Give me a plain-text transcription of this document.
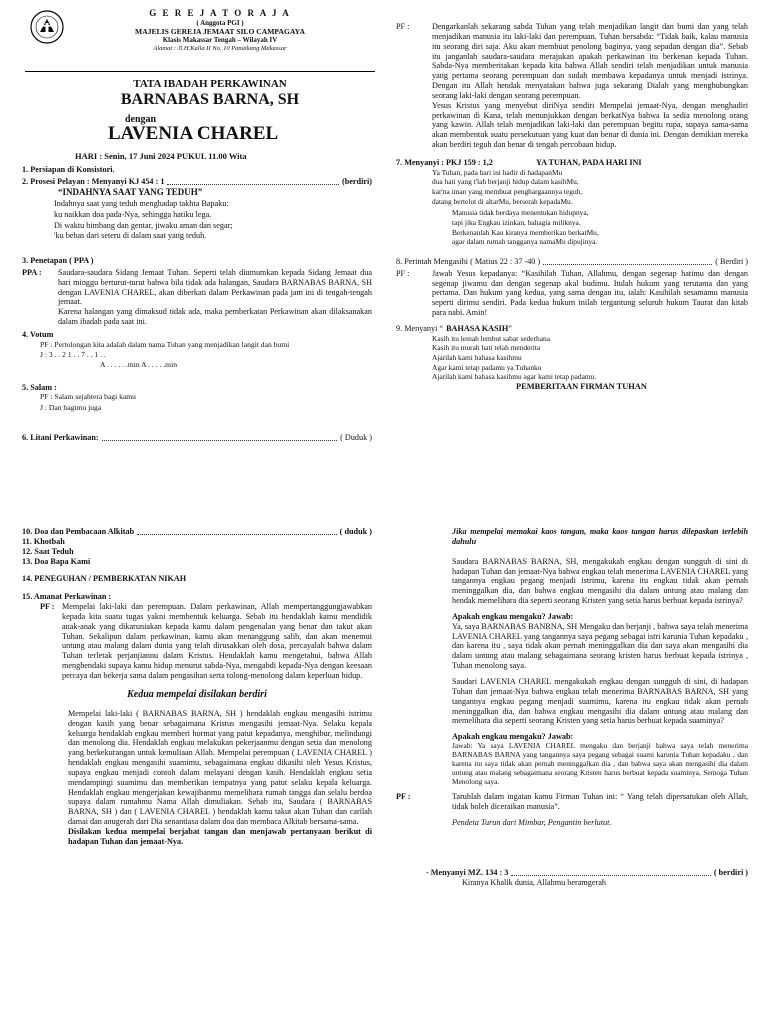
G E R E J A T O R A J A
( Anggota PGI )
MAJELIS GEREJA JEMAAT SILO CAMPAGAYA
Klasis Makassar Tengah – Wilayah IV
Alamat : Jl.H.Kalla II No. 10 Panaikang Makassar
TATA IBADAH PERKAWINAN
BARNABAS BARNA, SH
dengan
LAVENIA CHAREL
HARI : Senin, 17 Juni 2024 PUKUL 11.00 Wita
1. Persiapan di Konsistori.
2. Prosesi Pelayan : Menyanyi KJ 454 : 1	(berdiri)
“INDAHNYA SAAT YANG TEDUH”
Indahnya saat yang teduh menghadap takhta Bapaku:
ku naikkan doa pada-Nya, sehingga hatiku lega.
Di waktu bimbang dan gentar, jiwaku aman dan segar;
'ku bebas dari seteru di dalam saat yang teduh.
3. Penetapan ( PPA )
PPA :	Saudara-saudara Sidang Jemaat Tuhan. Seperti telah diumumkan kepada Sidang Jemaat dua hari minggu berturut-turut bahwa bila tidak ada halangan, Saudara BARNABAS BARNA, SH dengan LAVENIA CHAREL, akan diberkati dalam Perkawinan pada jam ini di tengah-tengah jemaat.

Karena halangan yang dimaksud tidak ada, maka pemberkatan Perkawinan akan dilaksanakan dalam ibadah pada saat ini.

4. Votum
PF : Pertolongan kita adalah dalam nama Tuhan yang menjadikan langit dan bumi
J : 3 . . 2 1 . . 7 . . 1 . .
A . . . . . .min A . . . . .min
5. Salam :
PF : Salam sejahtera bagi kamu
J : Dan bagimu juga
6. Litani Perkawinan:	( Duduk )
PF :	Dengarkanlah sekarang sabda Tuhan yang telah menjadikan langit dan bumi dan yang telah menjadikan manusia itu laki-laki dan perempuan. Tuhan bersabda: “Tidak baik, kalau manusia itu seorang diri saja. Aku akan membuat penolong baginya, yang sepadan dengan dia”. Sebab itu janganlah saudara-saudara merajukan apakah perkawinan itu berkenan kepada Tuhan. Sabda-Nya memberitakan kepada kita bahwa Allah sendiri telah menjadikan untuk manusia yang pertama seorang perempuan dan sudah membawa kepadanya untuk menjadi istrinya. Dengan itu Allah hendak menyatakan bahwa juga sekarang Dialah yang menghubungkan seorang laki-laki dengan seorang perempuan.

Yesus Kristus yang menyebut diriNya sendiri Mempelai jemaat-Nya, dengan menghadiri perkawinan di Kana, telah menunjukkan dengan berkatNya bahwa Ia sedia menolong orang yang kawin. Allah telah menjadikan laki-laki dan perempuan begitu rupa, supaya sama-sama akan membentuk suatu persekutuan yang kuat dan benar di dunia ini. Dengan demikian mereka akan berdiri teguh dan benar di tengah percobaan hidup.

7. Menyanyi : PKJ 159 : 1,2	YA TUHAN, PADA HARI INI
Ya Tuhan, pada hari ini hadir di hadapanMu
dua hati yang t'lah berjanji hidup dalam kasihMu,
kar'na iman yang membuat penghargaannya teguh,
datang bertelut di altarMu, berserah kepadaMu.
Manusia tidak berdaya menentukan hidupnya,
tapi jika Engkau izinkan, bahagia miliknya.
Berkenanlah Kau kiranya memberikan berkatMu,
agar dalam rumah tangganya namaMu dipujinya.
8. Perintah Mengasihi ( Matius 22 : 37 -40 )	( Berdiri )
PF :	Jawab Yesus kepadanya: “Kasihilah Tuhan, Allahmu, dengan segenap hatimu dan dengan segenap jiwamu dan dengan segenap akal budimu. Itulah hukum yang terutama dan yang pertama. Dan hukum yang kedua, yang sama dengan itu, ialah: Kasihilah sesamamu manusia seperti dirimu sendiri. Pada kedua hukum inilah tergantung seluruh hukum Taurat dan kitab para nabi. Amin!

9. Menyanyi “ BAHASA KASIH ”
Kasih itu lemah lembut sabar sederhana
Kasih itu murah hati telah menderita
Ajarilah kami bahasa kasihmu
Agar kami tetap padamu ya Tuhanku
Ajarilah kami bahasa kasihmu agar kami tetap padamu.
PEMBERITAAN FIRMAN TUHAN
10. Doa dan Pembacaan Alkitab	( duduk )
11. Khotbah
12. Saat Teduh
13. Doa Bapa Kami
14. PENEGUHAN / PEMBERKATAN NIKAH
15. Amanat Perkawinan :
PF : Mempelai laki-laki dan perempuan. Dalam perkawinan, Allah mempertanggungjawabkan kepada kita suatu tugas yakni membentuk keluarga. Sebab itu hendaklah kamu mendidik anak-anak yang dikaruniakan kepada kamu dalam pengenalan yang benar dan takut akan Tuhan. Sekalipun dalam perkawinan, kamu akan menanggung salib, dan akan menemui untung atau malang dalam dunia yang telah dirusakkan oleh dosa, percayalah bahwa dalam Tuhan terletak perjanjiannu dalam Kristus. Hendaklah kamu mengetahui, bahwa Allah menghendaki supaya kamu hidup menurut sabda-Nya, mengabdi kepada-Nya dengan keesaan percaya dan bekerja sama dalam pengasihan serta tolong-menolong dalam keperluan hidup.

Kedua mempelai disilakan berdiri

Mempelai laki-laki ( BARNABAS BARNA, SH ) hendaklah engkau mengasihi istrimu dengan kasih yang benar sebagaimana Kristus mengasihi jemaat-Nya. Selaku kepala keluarga hendaklah engkau memberi hormat yang patut kepadanya, menghibur, melindungi dan menolong dia. Hendaklah engkau melakukan pekerjaanmu dengan setia dan menolong yang berkekurangan untuk kemuliaan Allah. Mempelai perempuan ( LAVENIA CHAREL ) hendaklah engkau mengasihi suamimu, sebagaimana engkau dikasihi oleh Yesus Kristus, supaya engkau menjadi contoh dalam melayani dengan kasih. Hendaklah engkau setia mendampingi suamimu dan memberikan tempatnya yang patut selaku kepala keluarga. Hendaklah engkau mengerjakan kewajibanmu memelihara rumah tangga dan selalu berdoa supaya dalam rumahmu Nama Allah dimuliakan. Sebab itu, Saudara ( BARNABAS BARNA, SH ) dan ( LAVENIA CHAREL ) hendaklah kamu takut akan Tuhan dan carilah damai dan anugerah dari Dia senantiasa dalam doa dan membaca Alkitab bersama-sama.

Disilakan kedua mempelai berjabat tangan dan menjawab pertanyaan berikut di hadapan Tuhan dan jemaat-Nya.

Jika mempelai memakai kaos tangan, maka kaos tangan harus dilepaskan terlebih dahulu

Saudara BARNABAS BARNA, SH, mengakukah engkau dengan sungguh di sini di hadapan Tuhan dan jemaat-Nya bahwa engkau telah menerima LAVENIA CHAREL yang tangannya engkau pegang menjadi istrimu, karena itu engkau tidak akan pernah meninggalkan dia, dan bahwa engkau mengasihi dia dalam untung atau malang dan hendak memelihara dia seperti seorang Kristen yang setia harus berbuat kepada istrinya?

Apakah engkau mengaku? Jawab:

Ya, saya BARNABAS BANRNA, SH Mengaku dan berjanji , bahwa saya telah menerima LAVENIA CHAREL yang tangannya saya pegang sebagai istri karunia Tuhan kepadaku , dan karena itu , saya tidak akan pernah meninggalkan dia dan saya akan mengasihi dia dalam untung atau malang sebagaimana seorang kristen harus berbuat kepada istrinya , Tuhan menolong saya.

Saudari LAVENIA CHAREL mengakukah engkau dengan sungguh di sini, di hadapan Tuhan dan jemaat-Nya bahwa engkau telah menerima BARNABAS BARNA, SH yang tangannya engkau pegang menjadi suamimu, karena itu engkau tidak akan pernah meninggalkan dia, dan bahwa engkau mengasihi dia dalam untung atau malang dan memelihara dia seperti seorang Kristen yang setia harus berbuat kepada suaminya?

Apakah engkau mengaku? Jawab:

Jawab: Ya saya LAVENIA CHAREL mengaku dan berjanji bahwa saya telah menerima BARNABAS BARNA yang tangannya saya pegang sebagai suami karunia Tuhan kepadaku , dan karena itu saya tidak akan pernah meninggalkan dia , dan bahwa saya akan mengasihi dia dalam untung atau malang sebagaimana seorang Kristen harus berbuat kepada suaminya, Semoga Tuhan Menolong saya.

PF :	Taruhlah dalam ingatan kamu Firman Tuhan ini: “ Yang telah dipersatukan oleh Allah, tidak boleh diceraikan manusia”.

Pendeta Turun dari Mimbar, Pengantin berlutut.
- Menyanyi MZ. 134 : 3	( berdiri )
Kiranya Khalik dunia, Allahmu beramgerah
